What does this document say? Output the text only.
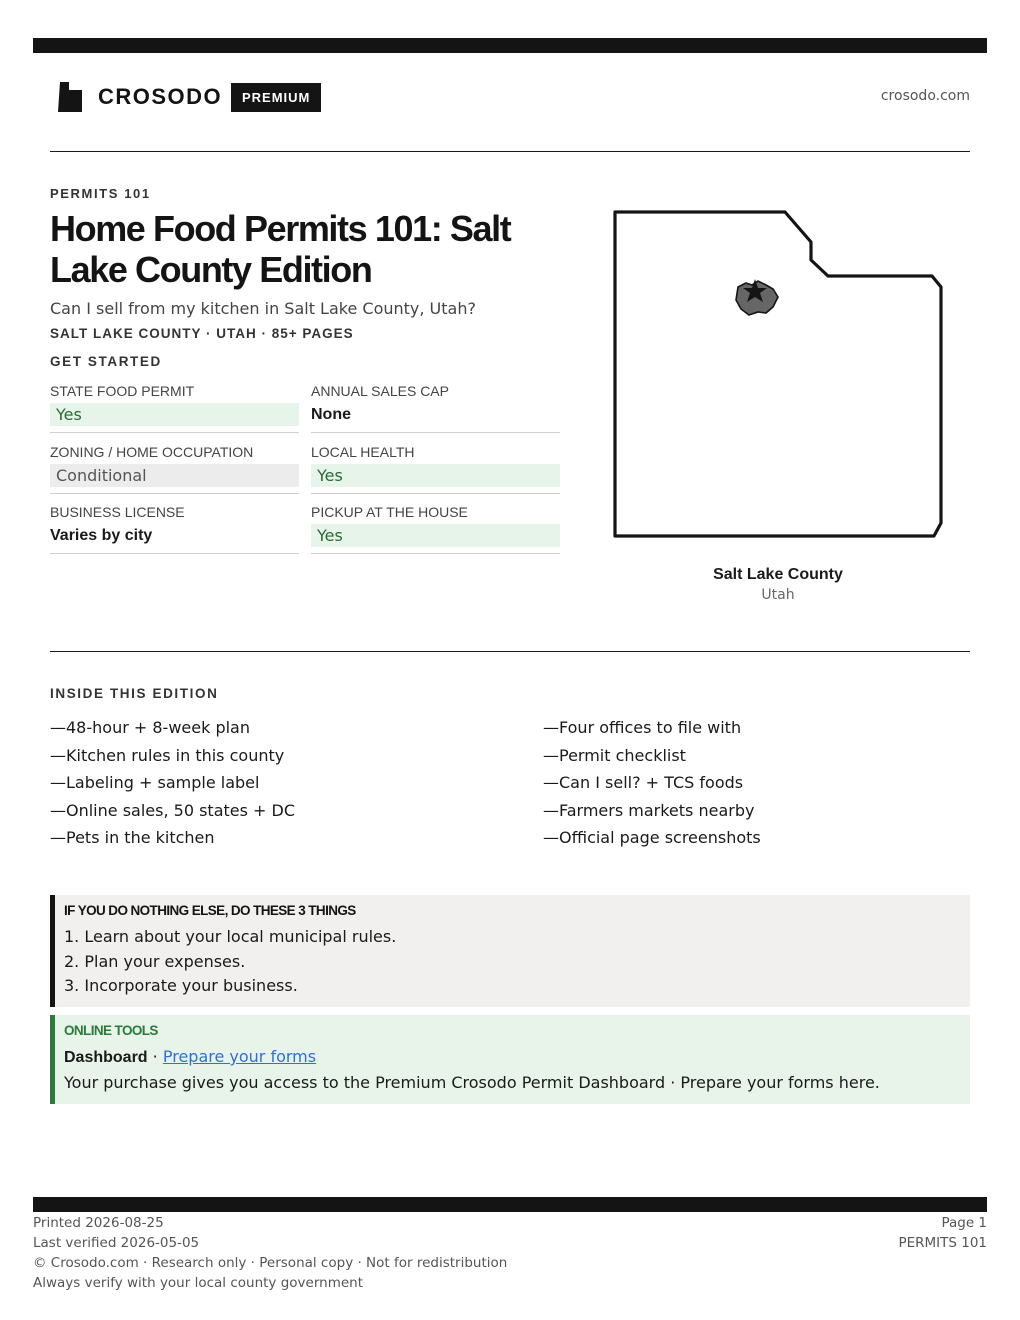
CROSODO	PREMIUM	crosodo.com
PERMITS 101
Home Food Permits 101: Salt Lake County Edition

Can I sell from my kitchen in Salt Lake County, Utah?

SALT LAKE COUNTY · UTAH · 85+ PAGES
GET STARTED
STATE FOOD PERMIT
Yes
ANNUAL SALES CAP
None
ZONING / HOME OCCUPATION
Conditional
LOCAL HEALTH
Yes
BUSINESS LICENSE
Varies by city
PICKUP AT THE HOUSE
Yes
Salt Lake County
Utah
INSIDE THIS EDITION
—48-hour + 8-week plan
—Kitchen rules in this county
—Labeling + sample label
—Online sales, 50 states + DC
—Pets in the kitchen
—Four offices to file with
—Permit checklist
—Can I sell? + TCS foods
—Farmers markets nearby
—Official page screenshots
IF YOU DO NOTHING ELSE, DO THESE 3 THINGS
1. Learn about your local municipal rules.
2. Plan your expenses.
3. Incorporate your business.
ONLINE TOOLS
Dashboard · Prepare your forms
Your purchase gives you access to the Premium Crosodo Permit Dashboard · Prepare your forms here.
Printed 2026-08-25
Last verified 2026-05-05
© Crosodo.com · Research only · Personal copy · Not for redistribution
Always verify with your local county government
Page 1
PERMITS 101
